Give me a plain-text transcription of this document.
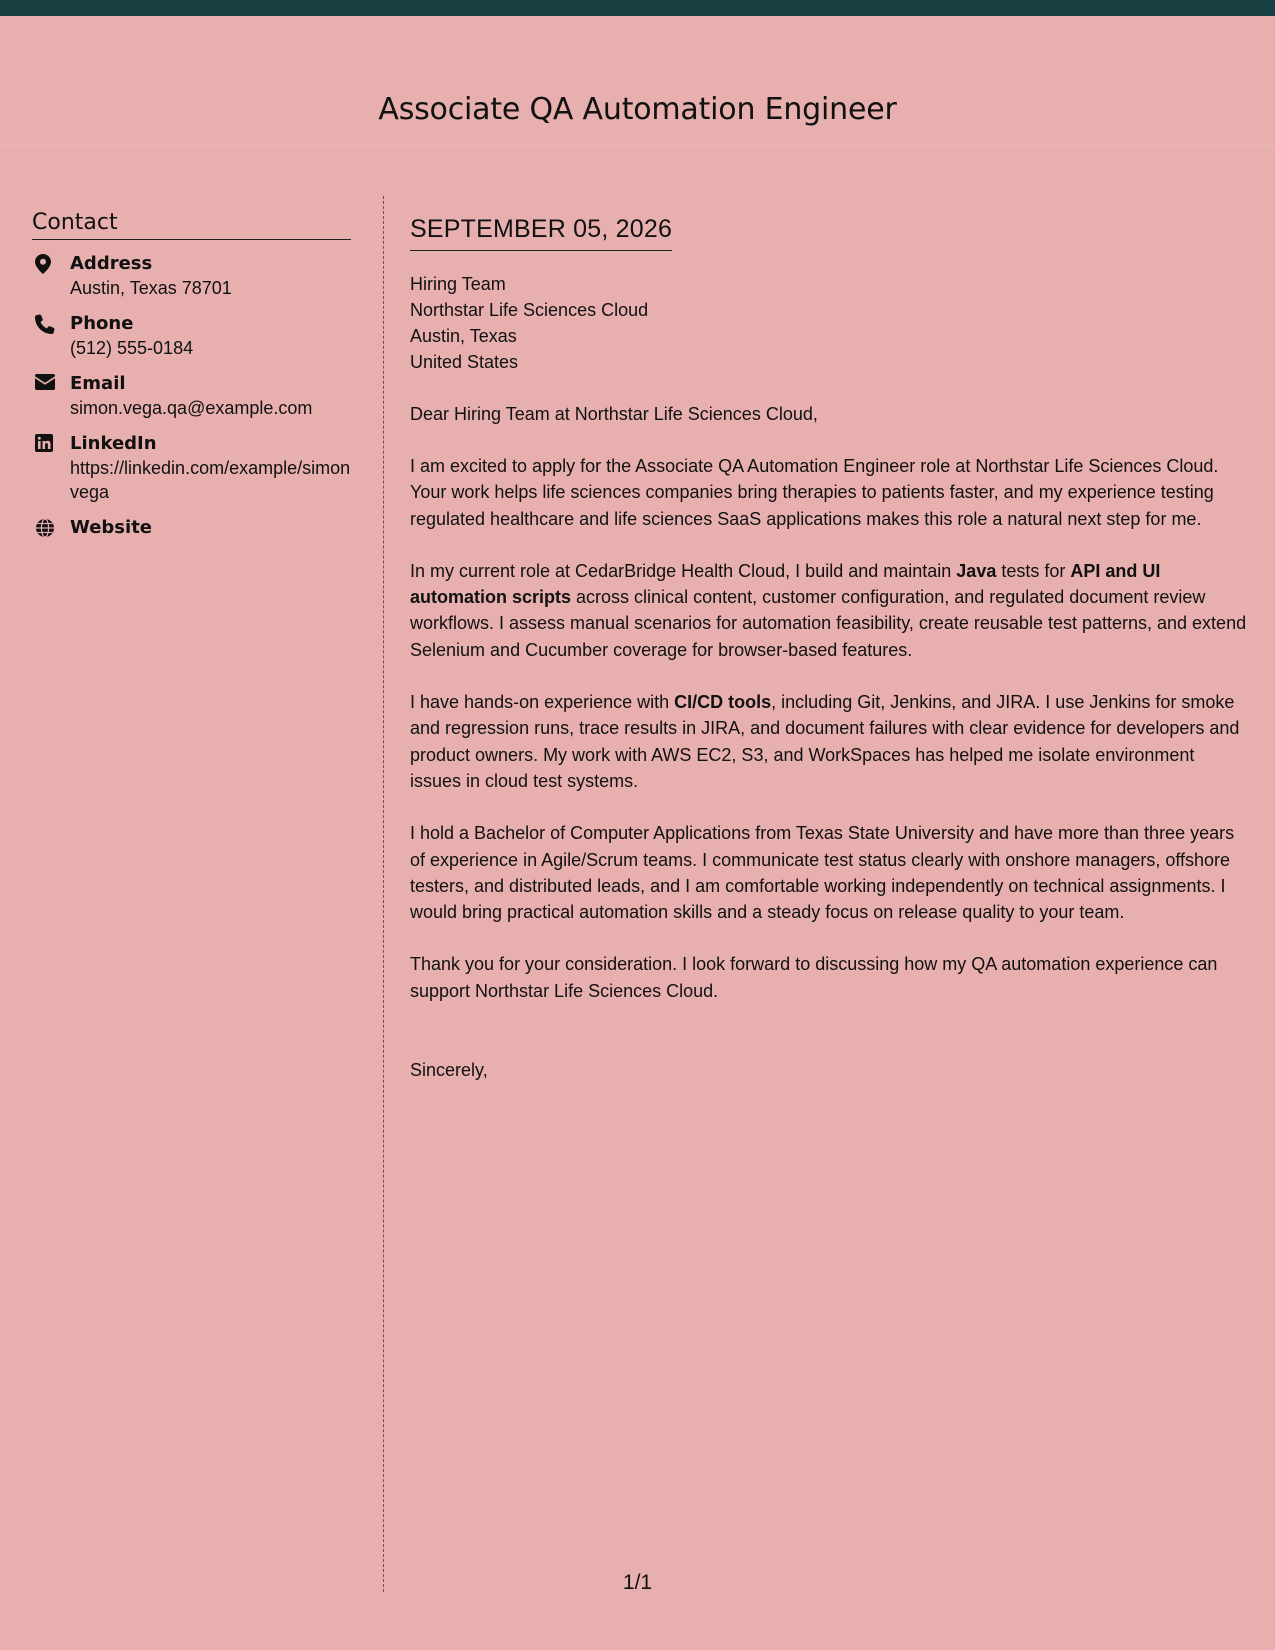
Associate QA Automation Engineer
Contact
Address
Austin, Texas 78701
Phone
(512) 555-0184
Email
simon.vega.qa@example.com
LinkedIn
https://linkedin.com/example/simonvega
Website
SEPTEMBER 05, 2026
Hiring Team
Northstar Life Sciences Cloud
Austin, Texas
United States

Dear Hiring Team at Northstar Life Sciences Cloud,

I am excited to apply for the Associate QA Automation Engineer role at Northstar Life Sciences Cloud. Your work helps life sciences companies bring therapies to patients faster, and my experience testing regulated healthcare and life sciences SaaS applications makes this role a natural next step for me.

In my current role at CedarBridge Health Cloud, I build and maintain Java tests for API and UI automation scripts across clinical content, customer configuration, and regulated document review workflows. I assess manual scenarios for automation feasibility, create reusable test patterns, and extend Selenium and Cucumber coverage for browser-based features.

I have hands-on experience with CI/CD tools, including Git, Jenkins, and JIRA. I use Jenkins for smoke and regression runs, trace results in JIRA, and document failures with clear evidence for developers and product owners. My work with AWS EC2, S3, and WorkSpaces has helped me isolate environment issues in cloud test systems.

I hold a Bachelor of Computer Applications from Texas State University and have more than three years of experience in Agile/Scrum teams. I communicate test status clearly with onshore managers, offshore testers, and distributed leads, and I am comfortable working independently on technical assignments. I would bring practical automation skills and a steady focus on release quality to your team.

Thank you for your consideration. I look forward to discussing how my QA automation experience can support Northstar Life Sciences Cloud.

Sincerely,

1/1
